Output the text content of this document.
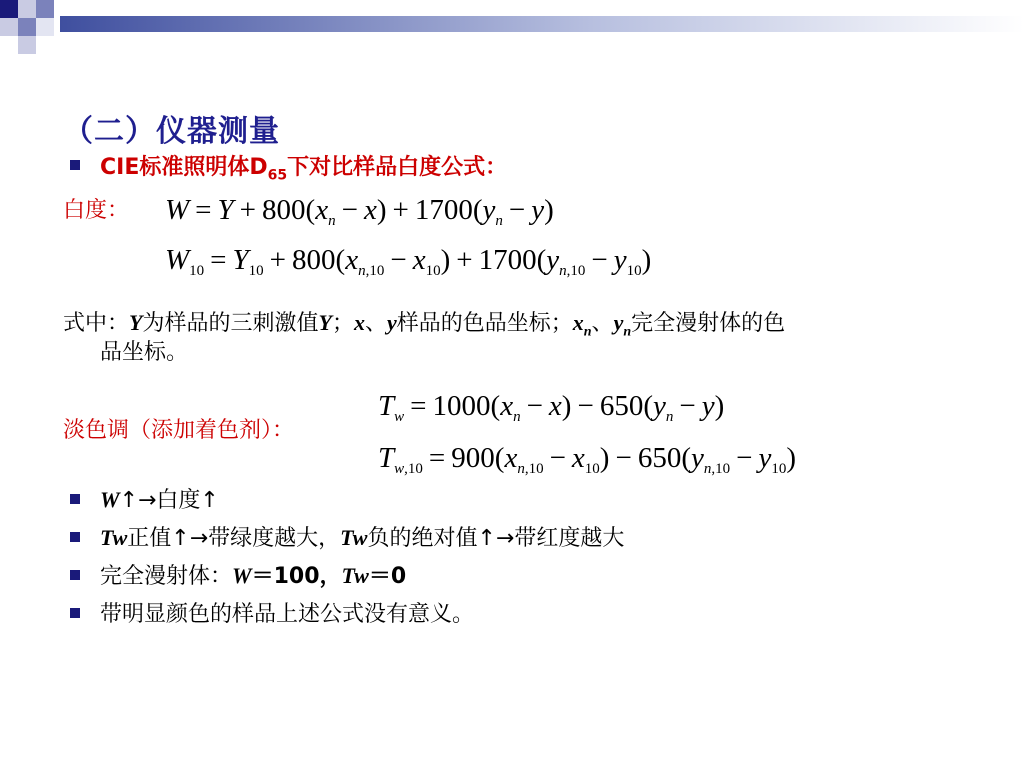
（二）仪器测量
CIE标准照明体$D_{65}$下对比样品白度公式：
白度： $W = Y + 800(x_n - x) + 1700(y_n - y)$
$W_{10} = Y_{10} + 800(x_{n,10} - x_{10}) + 1700(y_{n,10} - y_{10})$
式中：Y为样品的三刺激值Y；x、y样品的色品坐标；$x_n$、$y_n$完全漫射体的色
品坐标。
淡色调（添加着色剂）：
$T_w = 1000(x_n - x) - 650(y_n - y)$
$T_{w,10} = 900(x_{n,10} - x_{10}) - 650(y_{n,10} - y_{10})$
W↑→白度↑
Tw正值↑→带绿度越大，Tw负的绝对值↑→带红度越大
完全漫射体：W＝100，Tw＝0
带明显颜色的样品上述公式没有意义。
